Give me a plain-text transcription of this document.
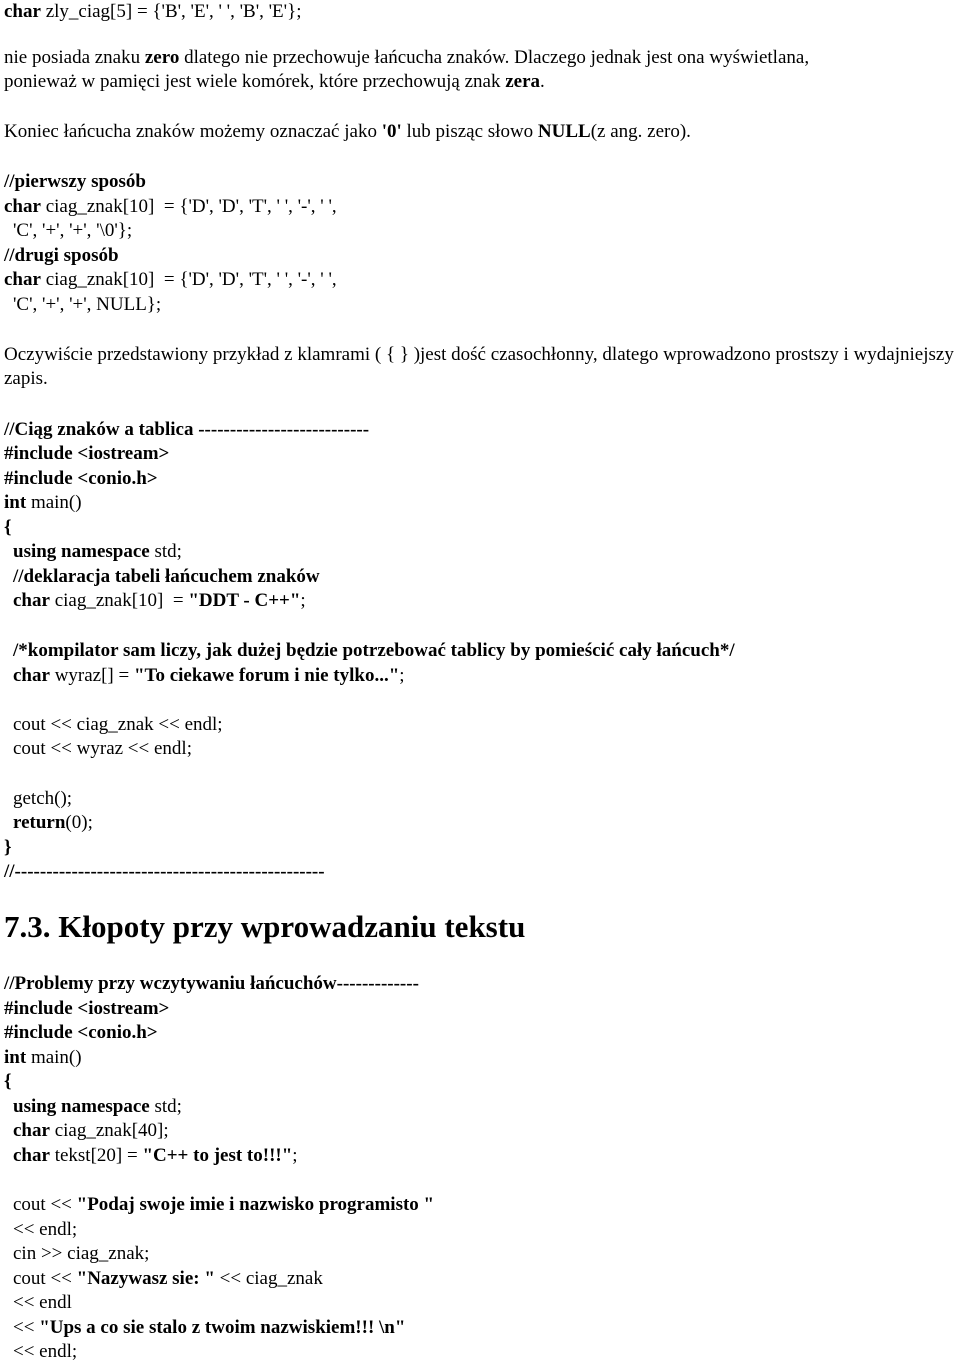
char zly_ciag[5] = {'B', 'E', ' ', 'B', 'E'};
nie posiada znaku zero dlatego nie przechowuje łańcucha znaków. Dlaczego jednak jest ona wyświetlana,
ponieważ w pamięci jest wiele komórek, które przechowują znak zera.
Koniec łańcucha znaków możemy oznaczać jako '0' lub pisząc słowo NULL(z ang. zero).
//pierwszy sposób
char ciag_znak[10]  = {'D', 'D', 'T', ' ', '-', ' ',
'C', '+', '+', '\0'};
//drugi sposób
char ciag_znak[10]  = {'D', 'D', 'T', ' ', '-', ' ',
'C', '+', '+', NULL};
Oczywiście przedstawiony przykład z klamrami ( { } )jest dość czasochłonny, dlatego wprowadzono prostszy i wydajniejszy zapis.
//Ciąg znaków a tablica ---------------------------
#include <iostream>
#include <conio.h>
int main()
{
using namespace std;
//deklaracja tabeli łańcuchem znaków
char ciag_znak[10]  = "DDT - C++";
/*kompilator sam liczy, jak dużej będzie potrzebować tablicy by pomieścić cały łańcuch*/
char wyraz[] = "To ciekawe forum i nie tylko...";
cout << ciag_znak << endl;
cout << wyraz << endl;
getch();
return(0);
}
//-------------------------------------------------
7.3. Kłopoty przy wprowadzaniu tekstu
//Problemy przy wczytywaniu łańcuchów-------------
#include <iostream>
#include <conio.h>
int main()
{
using namespace std;
char ciag_znak[40];
char tekst[20] = "C++ to jest to!!!";
cout << "Podaj swoje imie i nazwisko programisto "
<< endl;
cin >> ciag_znak;
cout << "Nazywasz sie: " << ciag_znak
<< endl
<< "Ups a co sie stalo z twoim nazwiskiem!!! \n"
<< endl;
